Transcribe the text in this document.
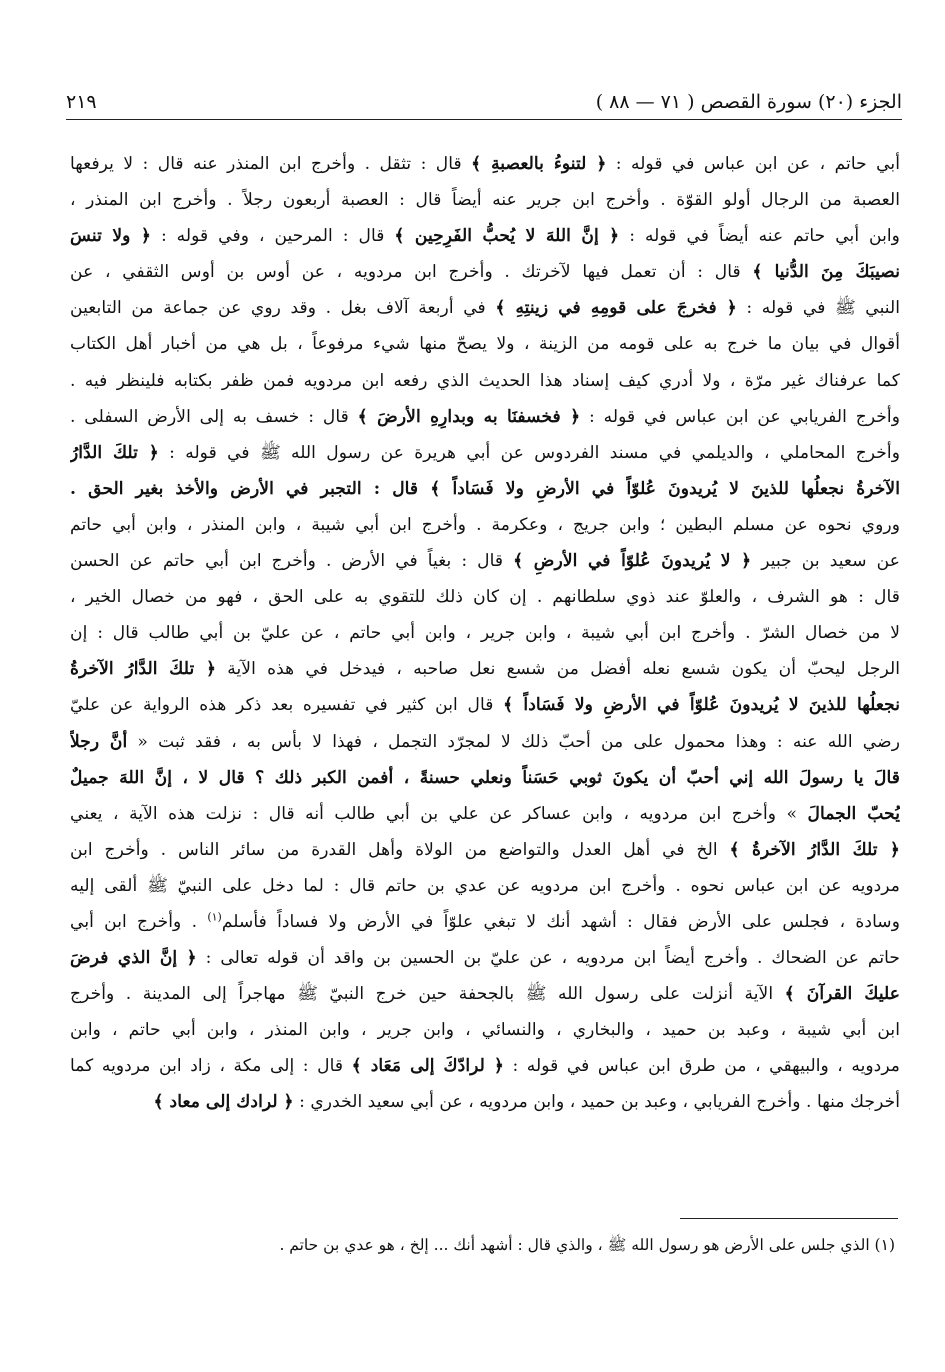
الجزء (٢٠) سورة القصص ( ٧١ — ٨٨ )
٢١٩
أبي حاتم ، عن ابن عباس في قوله : ﴿ لتنوءُ بالعصبةِ ﴾ قال : تثقل . وأخرج ابن المنذر عنه قال : لا يرفعها
العصبة من الرجال أولو القوّة . وأخرج ابن جرير عنه أيضاً قال : العصبة أربعون رجلاً . وأخرج ابن المنذر ،
وابن أبي حاتم عنه أيضاً في قوله : ﴿ إنَّ اللهَ لا يُحبُّ الفَرِحِين ﴾ قال : المرحين ، وفي قوله : ﴿ ولا تنسَ
نصيبَكَ مِنَ الدُّنيا ﴾ قال : أن تعمل فيها لآخرتك . وأخرج ابن مردويه ، عن أوس بن أوس الثقفي ، عن
النبي ﷺ في قوله : ﴿ فخرجَ على قومِهِ في زينتِهِ ﴾ في أربعة آلاف بغل . وقد روي عن جماعة من التابعين
أقوال في بيان ما خرج به على قومه من الزينة ، ولا يصحّ منها شيء مرفوعاً ، بل هي من أخبار أهل الكتاب
كما عرفناك غير مرّة ، ولا أدري كيف إسناد هذا الحديث الذي رفعه ابن مردويه فمن ظفر بكتابه فلينظر فيه .
وأخرج الفريابي عن ابن عباس في قوله : ﴿ فخسفنَا به وبدارِهِ الأرضَ ﴾ قال : خسف به إلى الأرض السفلى .
وأخرج المحاملي ، والديلمي في مسند الفردوس عن أبي هريرة عن رسول الله ﷺ في قوله : ﴿ تلكَ الدَّارُ
الآخرةُ نجعلُها للذينَ لا يُريدونَ عُلوّاً في الأرضِ ولا فَسَاداً ﴾ قال : التجبر في الأرض والأخذ بغير الحق .
وروي نحوه عن مسلم البطين ؛ وابن جريج ، وعكرمة . وأخرج ابن أبي شيبة ، وابن المنذر ، وابن أبي حاتم
عن سعيد بن جبير ﴿ لا يُريدونَ عُلوّاً في الأرضِ ﴾ قال : بغياً في الأرض . وأخرج ابن أبي حاتم عن الحسن
قال : هو الشرف ، والعلوّ عند ذوي سلطانهم . إن كان ذلك للتقوي به على الحق ، فهو من خصال الخير ،
لا من خصال الشرّ . وأخرج ابن أبي شيبة ، وابن جرير ، وابن أبي حاتم ، عن عليّ بن أبي طالب قال : إن
الرجل ليحبّ أن يكون شسع نعله أفضل من شسع نعل صاحبه ، فيدخل في هذه الآية ﴿ تلكَ الدَّارُ الآخرةُ
نجعلُها للذينَ لا يُريدونَ عُلوّاً في الأرضِ ولا فَسَاداً ﴾ قال ابن كثير في تفسيره بعد ذكر هذه الرواية عن عليّ
رضي الله عنه : وهذا محمول على من أحبّ ذلك لا لمجرّد التجمل ، فهذا لا بأس به ، فقد ثبت « أنَّ رجلاً
قالَ يا رسولَ الله إني أحبّ أن يكونَ ثوبي حَسَناً ونعلي حسنةً ، أفمن الكبر ذلك ؟ قال لا ، إنَّ اللهَ جميلٌ
يُحبّ الجمالَ » وأخرج ابن مردويه ، وابن عساكر عن علي بن أبي طالب أنه قال : نزلت هذه الآية ، يعني
﴿ تلكَ الدَّارُ الآخرةُ ﴾ الخ في أهل العدل والتواضع من الولاة وأهل القدرة من سائر الناس . وأخرج ابن
مردويه عن ابن عباس نحوه . وأخرج ابن مردويه عن عدي بن حاتم قال : لما دخل على النبيّ ﷺ ألقى إليه
وسادة ، فجلس على الأرض فقال : أشهد أنك لا تبغي علوّاً في الأرض ولا فساداً فأسلم$^{(١)}$ . وأخرج ابن أبي
حاتم عن الضحاك . وأخرج أيضاً ابن مردويه ، عن عليّ بن الحسين بن واقد أن قوله تعالى : ﴿ إنَّ الذي فرضَ
عليكَ القرآنَ ﴾ الآية أنزلت على رسول الله ﷺ بالجحفة حين خرج النبيّ ﷺ مهاجراً إلى المدينة . وأخرج
ابن أبي شيبة ، وعبد بن حميد ، والبخاري ، والنسائي ، وابن جرير ، وابن المنذر ، وابن أبي حاتم ، وابن
مردويه ، والبيهقي ، من طرق ابن عباس في قوله : ﴿ لرادّكَ إلى مَعَاد ﴾ قال : إلى مكة ، زاد ابن مردويه كما
أخرجك منها . وأخرج الفريابي ، وعبد بن حميد ، وابن مردويه ، عن أبي سعيد الخدري : ﴿ لرادك إلى معاد ﴾
(١) الذي جلس على الأرض هو رسول الله ﷺ ، والذي قال : أشهد أنك ... إلخ ، هو عدي بن حاتم .
